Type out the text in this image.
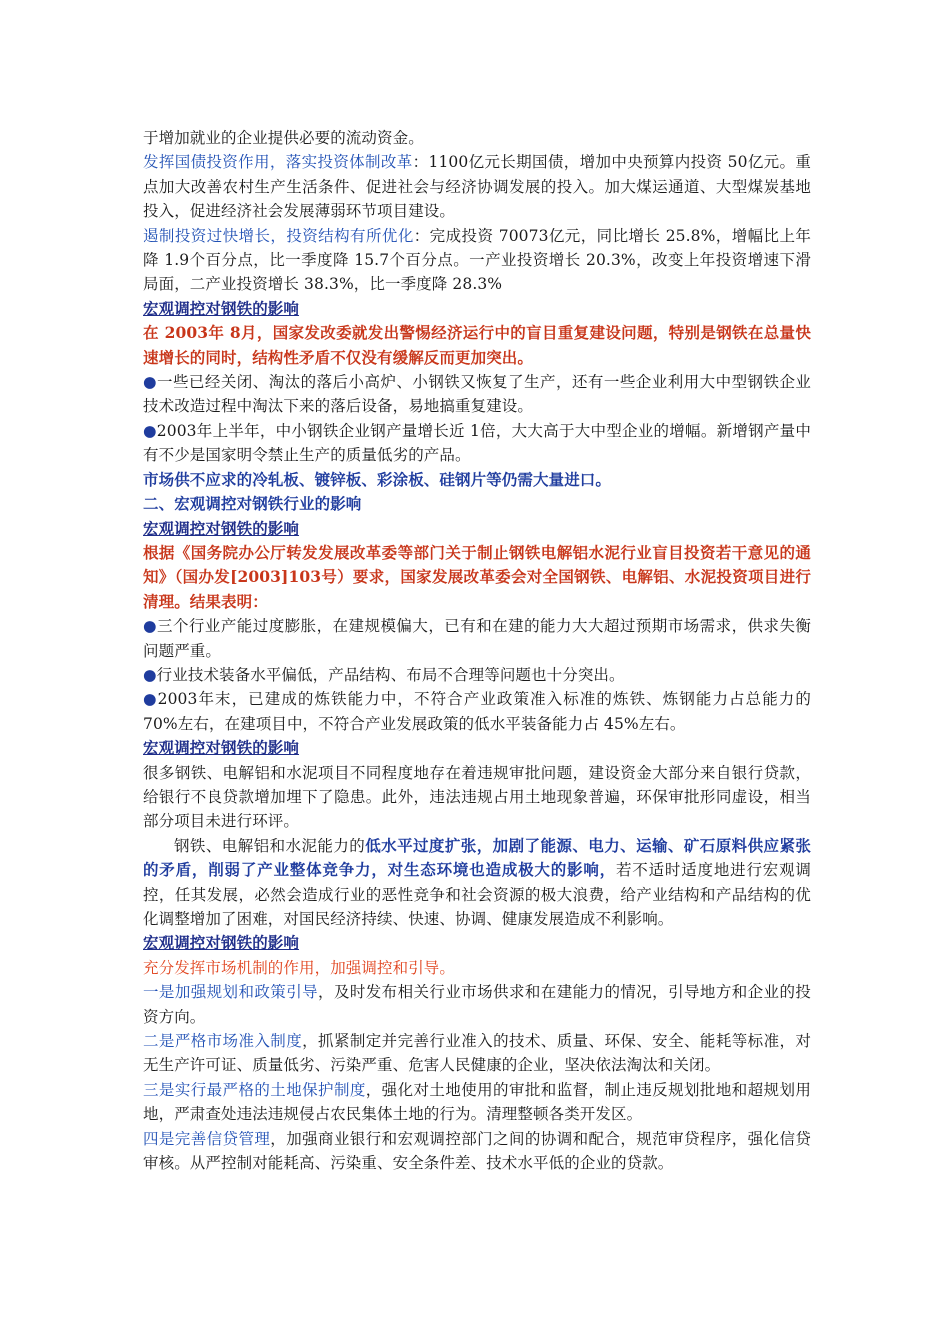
于增加就业的企业提供必要的流动资金。

发挥国债投资作用，落实投资体制改革：1100亿元长期国债，增加中央预算内投资 50亿元。重点加大改善农村生产生活条件、促进社会与经济协调发展的投入。加大煤运通道、大型煤炭基地投入，促进经济社会发展薄弱环节项目建设。

遏制投资过快增长，投资结构有所优化：完成投资 70073亿元，同比增长 25.8%，增幅比上年降 1.9个百分点，比一季度降 15.7个百分点。一产业投资增长 20.3%，改变上年投资增速下滑局面，二产业投资增长 38.3%，比一季度降 28.3%

宏观调控对钢铁的影响

在 2003年 8月，国家发改委就发出警惕经济运行中的盲目重复建设问题，特别是钢铁在总量快速增长的同时，结构性矛盾不仅没有缓解反而更加突出。

●一些已经关闭、淘汰的落后小高炉、小钢铁又恢复了生产，还有一些企业利用大中型钢铁企业技术改造过程中淘汰下来的落后设备，易地搞重复建设。

●2003年上半年，中小钢铁企业钢产量增长近 1倍，大大高于大中型企业的增幅。新增钢产量中有不少是国家明令禁止生产的质量低劣的产品。

市场供不应求的冷轧板、镀锌板、彩涂板、硅钢片等仍需大量进口。

二、宏观调控对钢铁行业的影响

宏观调控对钢铁的影响

根据《国务院办公厅转发发展改革委等部门关于制止钢铁电解铝水泥行业盲目投资若干意见的通知》（国办发[2003]103号）要求，国家发展改革委会对全国钢铁、电解铝、水泥投资项目进行清理。结果表明：

●三个行业产能过度膨胀，在建规模偏大，已有和在建的能力大大超过预期市场需求，供求失衡问题严重。

●行业技术装备水平偏低，产品结构、布局不合理等问题也十分突出。

●2003年末，已建成的炼铁能力中，不符合产业政策准入标准的炼铁、炼钢能力占总能力的 70%左右，在建项目中，不符合产业发展政策的低水平装备能力占 45%左右。

宏观调控对钢铁的影响

很多钢铁、电解铝和水泥项目不同程度地存在着违规审批问题，建设资金大部分来自银行贷款，给银行不良贷款增加埋下了隐患。此外，违法违规占用土地现象普遍，环保审批形同虚设，相当部分项目未进行环评。

钢铁、电解铝和水泥能力的低水平过度扩张，加剧了能源、电力、运输、矿石原料供应紧张的矛盾，削弱了产业整体竞争力，对生态环境也造成极大的影响，若不适时适度地进行宏观调控，任其发展，必然会造成行业的恶性竞争和社会资源的极大浪费，给产业结构和产品结构的优化调整增加了困难，对国民经济持续、快速、协调、健康发展造成不利影响。

宏观调控对钢铁的影响

充分发挥市场机制的作用，加强调控和引导。

一是加强规划和政策引导，及时发布相关行业市场供求和在建能力的情况，引导地方和企业的投资方向。

二是严格市场准入制度，抓紧制定并完善行业准入的技术、质量、环保、安全、能耗等标准，对无生产许可证、质量低劣、污染严重、危害人民健康的企业，坚决依法淘汰和关闭。

三是实行最严格的土地保护制度，强化对土地使用的审批和监督，制止违反规划批地和超规划用地，严肃查处违法违规侵占农民集体土地的行为。清理整顿各类开发区。

四是完善信贷管理，加强商业银行和宏观调控部门之间的协调和配合，规范审贷程序，强化信贷审核。从严控制对能耗高、污染重、安全条件差、技术水平低的企业的贷款。
